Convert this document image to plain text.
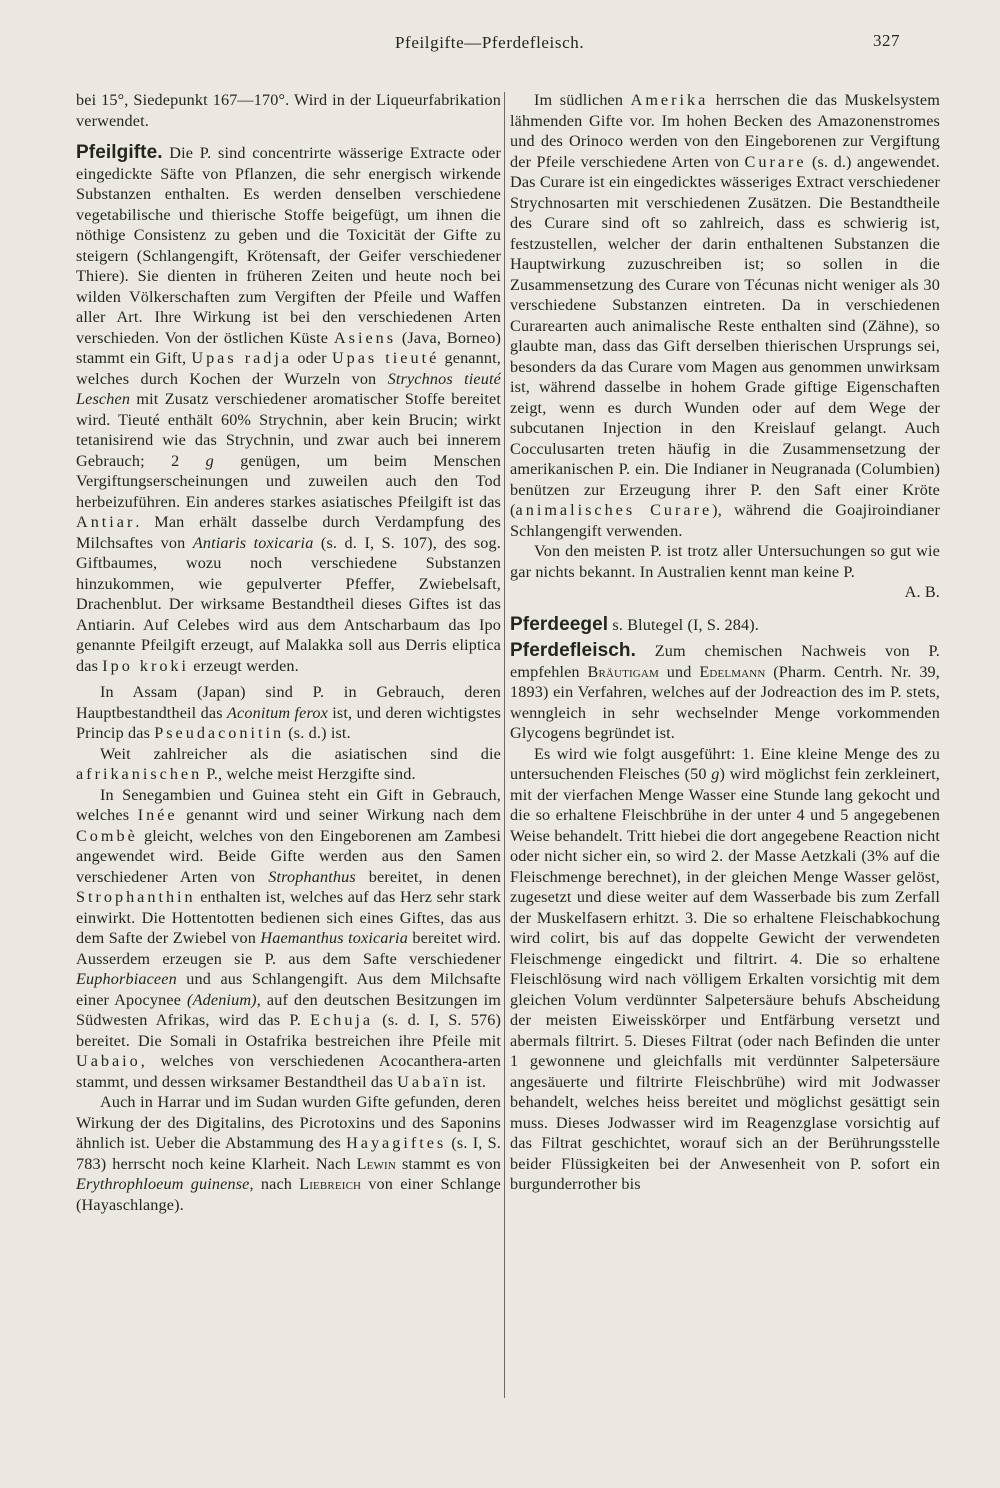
Pfeilgifte—Pferdefleisch.	327

bei 15°, Siedepunkt 167—170°. Wird in der Liqueurfabrikation verwendet.

Pfeilgifte. Die P. sind concentrirte wässerige Extracte oder eingedickte Säfte von Pflanzen, die sehr energisch wirkende Substanzen enthalten. Es werden denselben verschiedene vegetabilische und thierische Stoffe beigefügt, um ihnen die nöthige Consistenz zu geben und die Toxicität der Gifte zu steigern (Schlangengift, Krötensaft, der Geifer verschiedener Thiere). Sie dienten in früheren Zeiten und heute noch bei wilden Völkerschaften zum Vergiften der Pfeile und Waffen aller Art. Ihre Wirkung ist bei den verschiedenen Arten verschieden. Von der östlichen Küste Asiens (Java, Borneo) stammt ein Gift, Upas radja oder Upas tieuté genannt, welches durch Kochen der Wurzeln von Strychnos tieuté Leschen mit Zusatz verschiedener aromatischer Stoffe bereitet wird. Tieuté enthält 60% Strychnin, aber kein Brucin; wirkt tetanisirend wie das Strychnin, und zwar auch bei innerem Gebrauch; 2 g genügen, um beim Menschen Vergiftungserscheinungen und zuweilen auch den Tod herbeizuführen. Ein anderes starkes asiatisches Pfeilgift ist das Antiar. Man erhält dasselbe durch Verdampfung des Milchsaftes von Antiaris toxicaria (s. d. I, S. 107), des sog. Giftbaumes, wozu noch verschiedene Substanzen hinzukommen, wie gepulverter Pfeffer, Zwiebelsaft, Drachenblut. Der wirksame Bestandtheil dieses Giftes ist das Antiarin. Auf Celebes wird aus dem Antscharbaum das Ipo genannte Pfeilgift erzeugt, auf Malakka soll aus Derris eliptica das Ipo kroki erzeugt werden.

In Assam (Japan) sind P. in Gebrauch, deren Hauptbestandtheil das Aconitum ferox ist, und deren wichtigstes Princip das Pseudaconitin (s. d.) ist.

Weit zahlreicher als die asiatischen sind die afrikanischen P., welche meist Herzgifte sind.

In Senegambien und Guinea steht ein Gift in Gebrauch, welches Inée genannt wird und seiner Wirkung nach dem Combè gleicht, welches von den Eingeborenen am Zambesi angewendet wird. Beide Gifte werden aus den Samen verschiedener Arten von Strophanthus bereitet, in denen Strophanthin enthalten ist, welches auf das Herz sehr stark einwirkt. Die Hottentotten bedienen sich eines Giftes, das aus dem Safte der Zwiebel von Haemanthus toxicaria bereitet wird. Ausserdem erzeugen sie P. aus dem Safte verschiedener Euphorbiaceen und aus Schlangengift. Aus dem Milchsafte einer Apocynee (Adenium), auf den deutschen Besitzungen im Südwesten Afrikas, wird das P. Echuja (s. d. I, S. 576) bereitet. Die Somali in Ostafrika bestreichen ihre Pfeile mit Uabaio, welches von verschiedenen Acocanthera-arten stammt, und dessen wirksamer Bestandtheil das Uabaïn ist.

Auch in Harrar und im Sudan wurden Gifte gefunden, deren Wirkung der des Digitalins, des Picrotoxins und des Saponins ähnlich ist. Ueber die Abstammung des Hayagiftes (s. I, S. 783) herrscht noch keine Klarheit. Nach Lewin stammt es von Erythrophloeum guinense, nach Liebreich von einer Schlange (Hayaschlange).

Im südlichen Amerika herrschen die das Muskelsystem lähmenden Gifte vor. Im hohen Becken des Amazonenstromes und des Orinoco werden von den Eingeborenen zur Vergiftung der Pfeile verschiedene Arten von Curare (s. d.) angewendet. Das Curare ist ein eingedicktes wässeriges Extract verschiedener Strychnosarten mit verschiedenen Zusätzen. Die Bestandtheile des Curare sind oft so zahlreich, dass es schwierig ist, festzustellen, welcher der darin enthaltenen Substanzen die Hauptwirkung zuzuschreiben ist; so sollen in die Zusammensetzung des Curare von Técunas nicht weniger als 30 verschiedene Substanzen eintreten. Da in verschiedenen Curarearten auch animalische Reste enthalten sind (Zähne), so glaubte man, dass das Gift derselben thierischen Ursprungs sei, besonders da das Curare vom Magen aus genommen unwirksam ist, während dasselbe in hohem Grade giftige Eigenschaften zeigt, wenn es durch Wunden oder auf dem Wege der subcutanen Injection in den Kreislauf gelangt. Auch Cocculusarten treten häufig in die Zusammensetzung der amerikanischen P. ein. Die Indianer in Neugranada (Columbien) benützen zur Erzeugung ihrer P. den Saft einer Kröte (animalisches Curare), während die Goajiroindianer Schlangengift verwenden.

Von den meisten P. ist trotz aller Untersuchungen so gut wie gar nichts bekannt. In Australien kennt man keine P.

A. B.

Pferdeegel s. Blutegel (I, S. 284).

Pferdefleisch. Zum chemischen Nachweis von P. empfehlen Bräutigam und Edelmann (Pharm. Centrh. Nr. 39, 1893) ein Verfahren, welches auf der Jodreaction des im P. stets, wenngleich in sehr wechselnder Menge vorkommenden Glycogens begründet ist.

Es wird wie folgt ausgeführt: 1. Eine kleine Menge des zu untersuchenden Fleisches (50 g) wird möglichst fein zerkleinert, mit der vierfachen Menge Wasser eine Stunde lang gekocht und die so erhaltene Fleischbrühe in der unter 4 und 5 angegebenen Weise behandelt. Tritt hiebei die dort angegebene Reaction nicht oder nicht sicher ein, so wird 2. der Masse Aetzkali (3% auf die Fleischmenge berechnet), in der gleichen Menge Wasser gelöst, zugesetzt und diese weiter auf dem Wasserbade bis zum Zerfall der Muskelfasern erhitzt. 3. Die so erhaltene Fleischabkochung wird colirt, bis auf das doppelte Gewicht der verwendeten Fleischmenge eingedickt und filtrirt. 4. Die so erhaltene Fleischlösung wird nach völligem Erkalten vorsichtig mit dem gleichen Volum verdünnter Salpetersäure behufs Abscheidung der meisten Eiweisskörper und Entfärbung versetzt und abermals filtrirt. 5. Dieses Filtrat (oder nach Befinden die unter 1 gewonnene und gleichfalls mit verdünnter Salpetersäure angesäuerte und filtrirte Fleischbrühe) wird mit Jodwasser behandelt, welches heiss bereitet und möglichst gesättigt sein muss. Dieses Jodwasser wird im Reagenzglase vorsichtig auf das Filtrat geschichtet, worauf sich an der Berührungsstelle beider Flüssigkeiten bei der Anwesenheit von P. sofort ein burgunderrother bis
